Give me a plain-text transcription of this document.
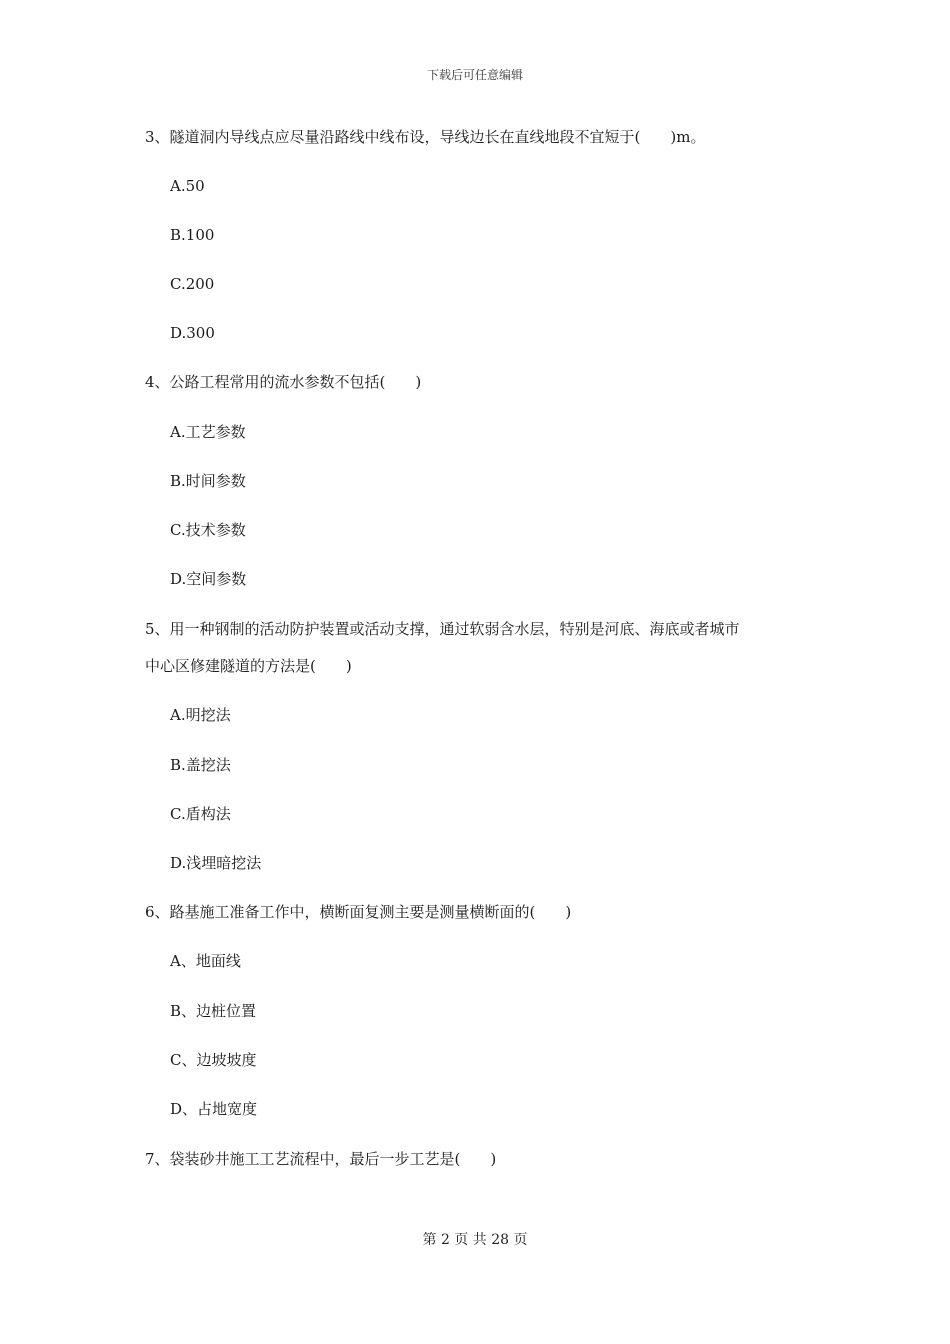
下载后可任意编辑
3、隧道洞内导线点应尽量沿路线中线布设，导线边长在直线地段不宜短于(　　)m。
A.50
B.100
C.200
D.300
4、公路工程常用的流水参数不包括(　　)
A.工艺参数
B.时间参数
C.技术参数
D.空间参数
5、用一种钢制的活动防护装置或活动支撑，通过软弱含水层，特别是河底、海底或者城市
中心区修建隧道的方法是(　　)
A.明挖法
B.盖挖法
C.盾构法
D.浅埋暗挖法
6、路基施工准备工作中，横断面复测主要是测量横断面的(　　)
A、地面线
B、边桩位置
C、边坡坡度
D、占地宽度
7、袋装砂井施工工艺流程中，最后一步工艺是(　　)
第 2 页 共 28 页
